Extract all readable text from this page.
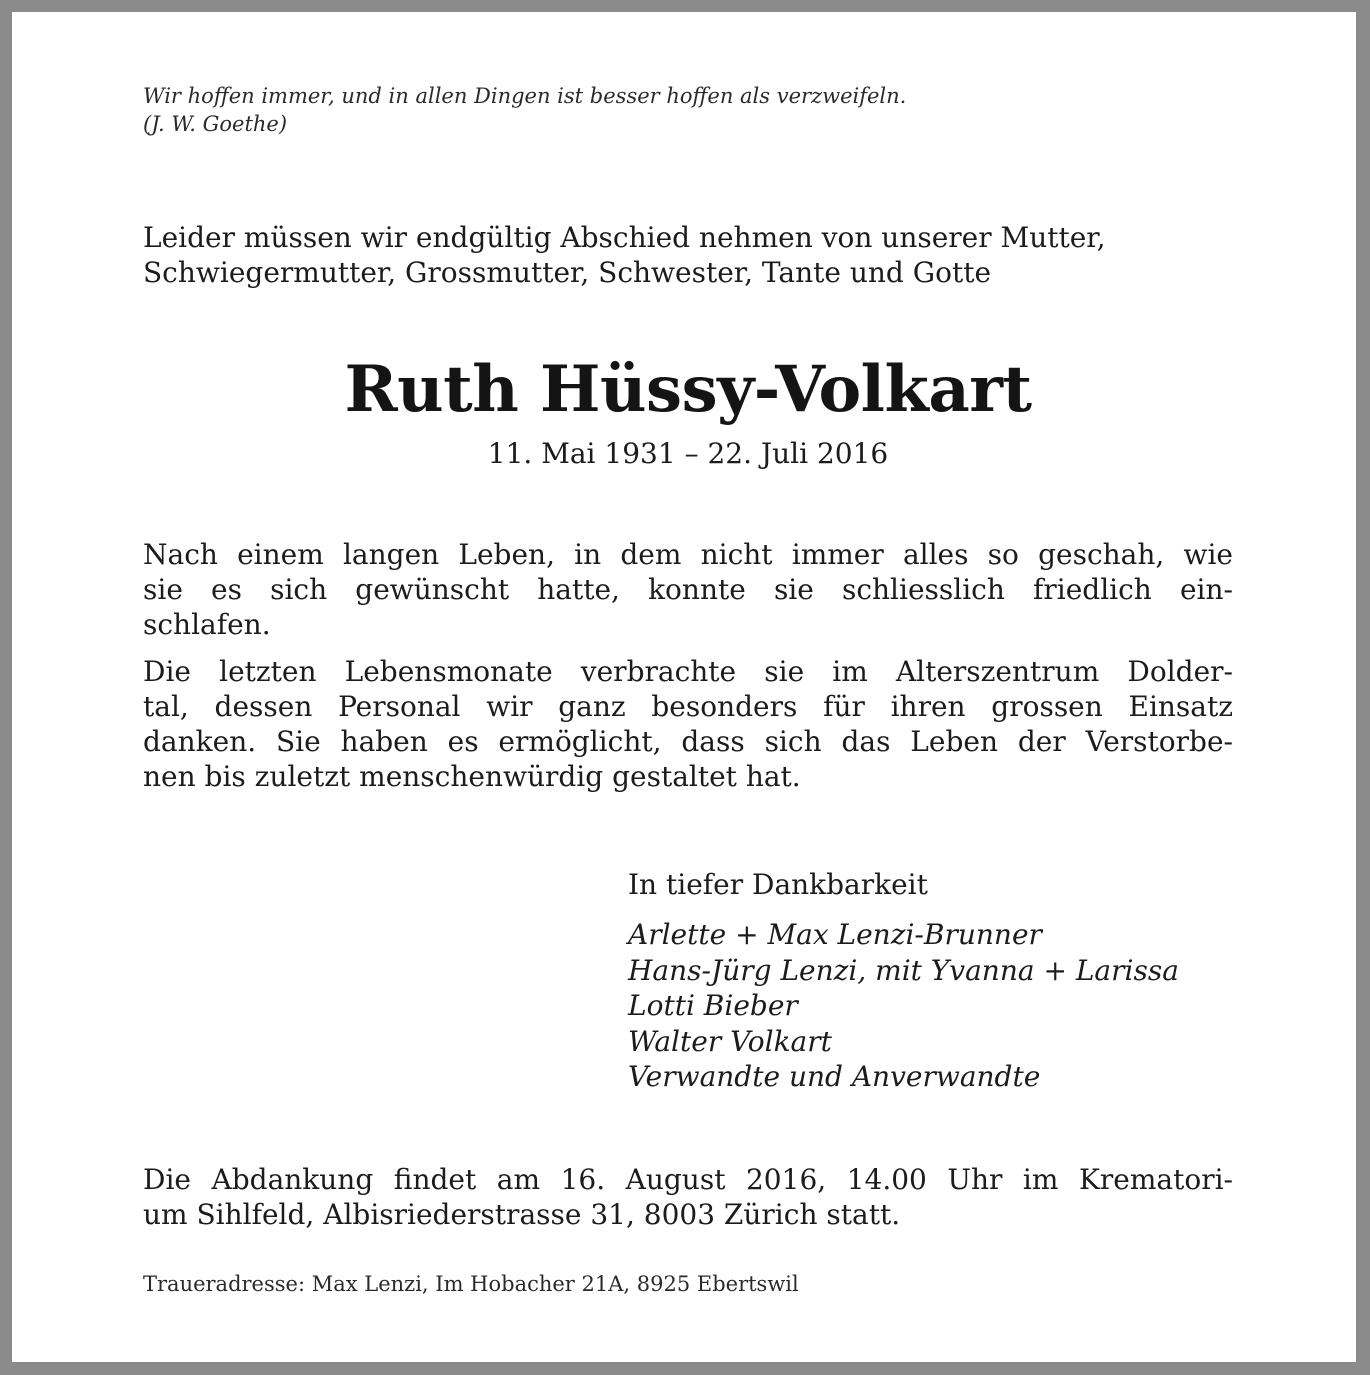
Wir hoffen immer, und in allen Dingen ist besser hoffen als verzweifeln.
(J. W. Goethe)
Leider müssen wir endgültig Abschied nehmen von unserer Mutter,
Schwiegermutter, Grossmutter, Schwester, Tante und Gotte
Ruth Hüssy-Volkart
11. Mai 1931 – 22. Juli 2016

Nach einem langen Leben, in dem nicht immer alles so geschah, wie
sie es sich gewünscht hatte, konnte sie schliesslich friedlich ein-
schlafen.

Die letzten Lebensmonate verbrachte sie im Alterszentrum Dolder-
tal, dessen Personal wir ganz besonders für ihren grossen Einsatz
danken. Sie haben es ermöglicht, dass sich das Leben der Verstorbe-
nen bis zuletzt menschenwürdig gestaltet hat.

In tiefer Dankbarkeit
Arlette + Max Lenzi-Brunner
Hans-Jürg Lenzi, mit Yvanna + Larissa
Lotti Bieber
Walter Volkart
Verwandte und Anverwandte
Die Abdankung findet am 16. August 2016, 14.00 Uhr im Krematori-
um Sihlfeld, Albisriederstrasse 31, 8003 Zürich statt.
Traueradresse: Max Lenzi, Im Hobacher 21A, 8925 Ebertswil
